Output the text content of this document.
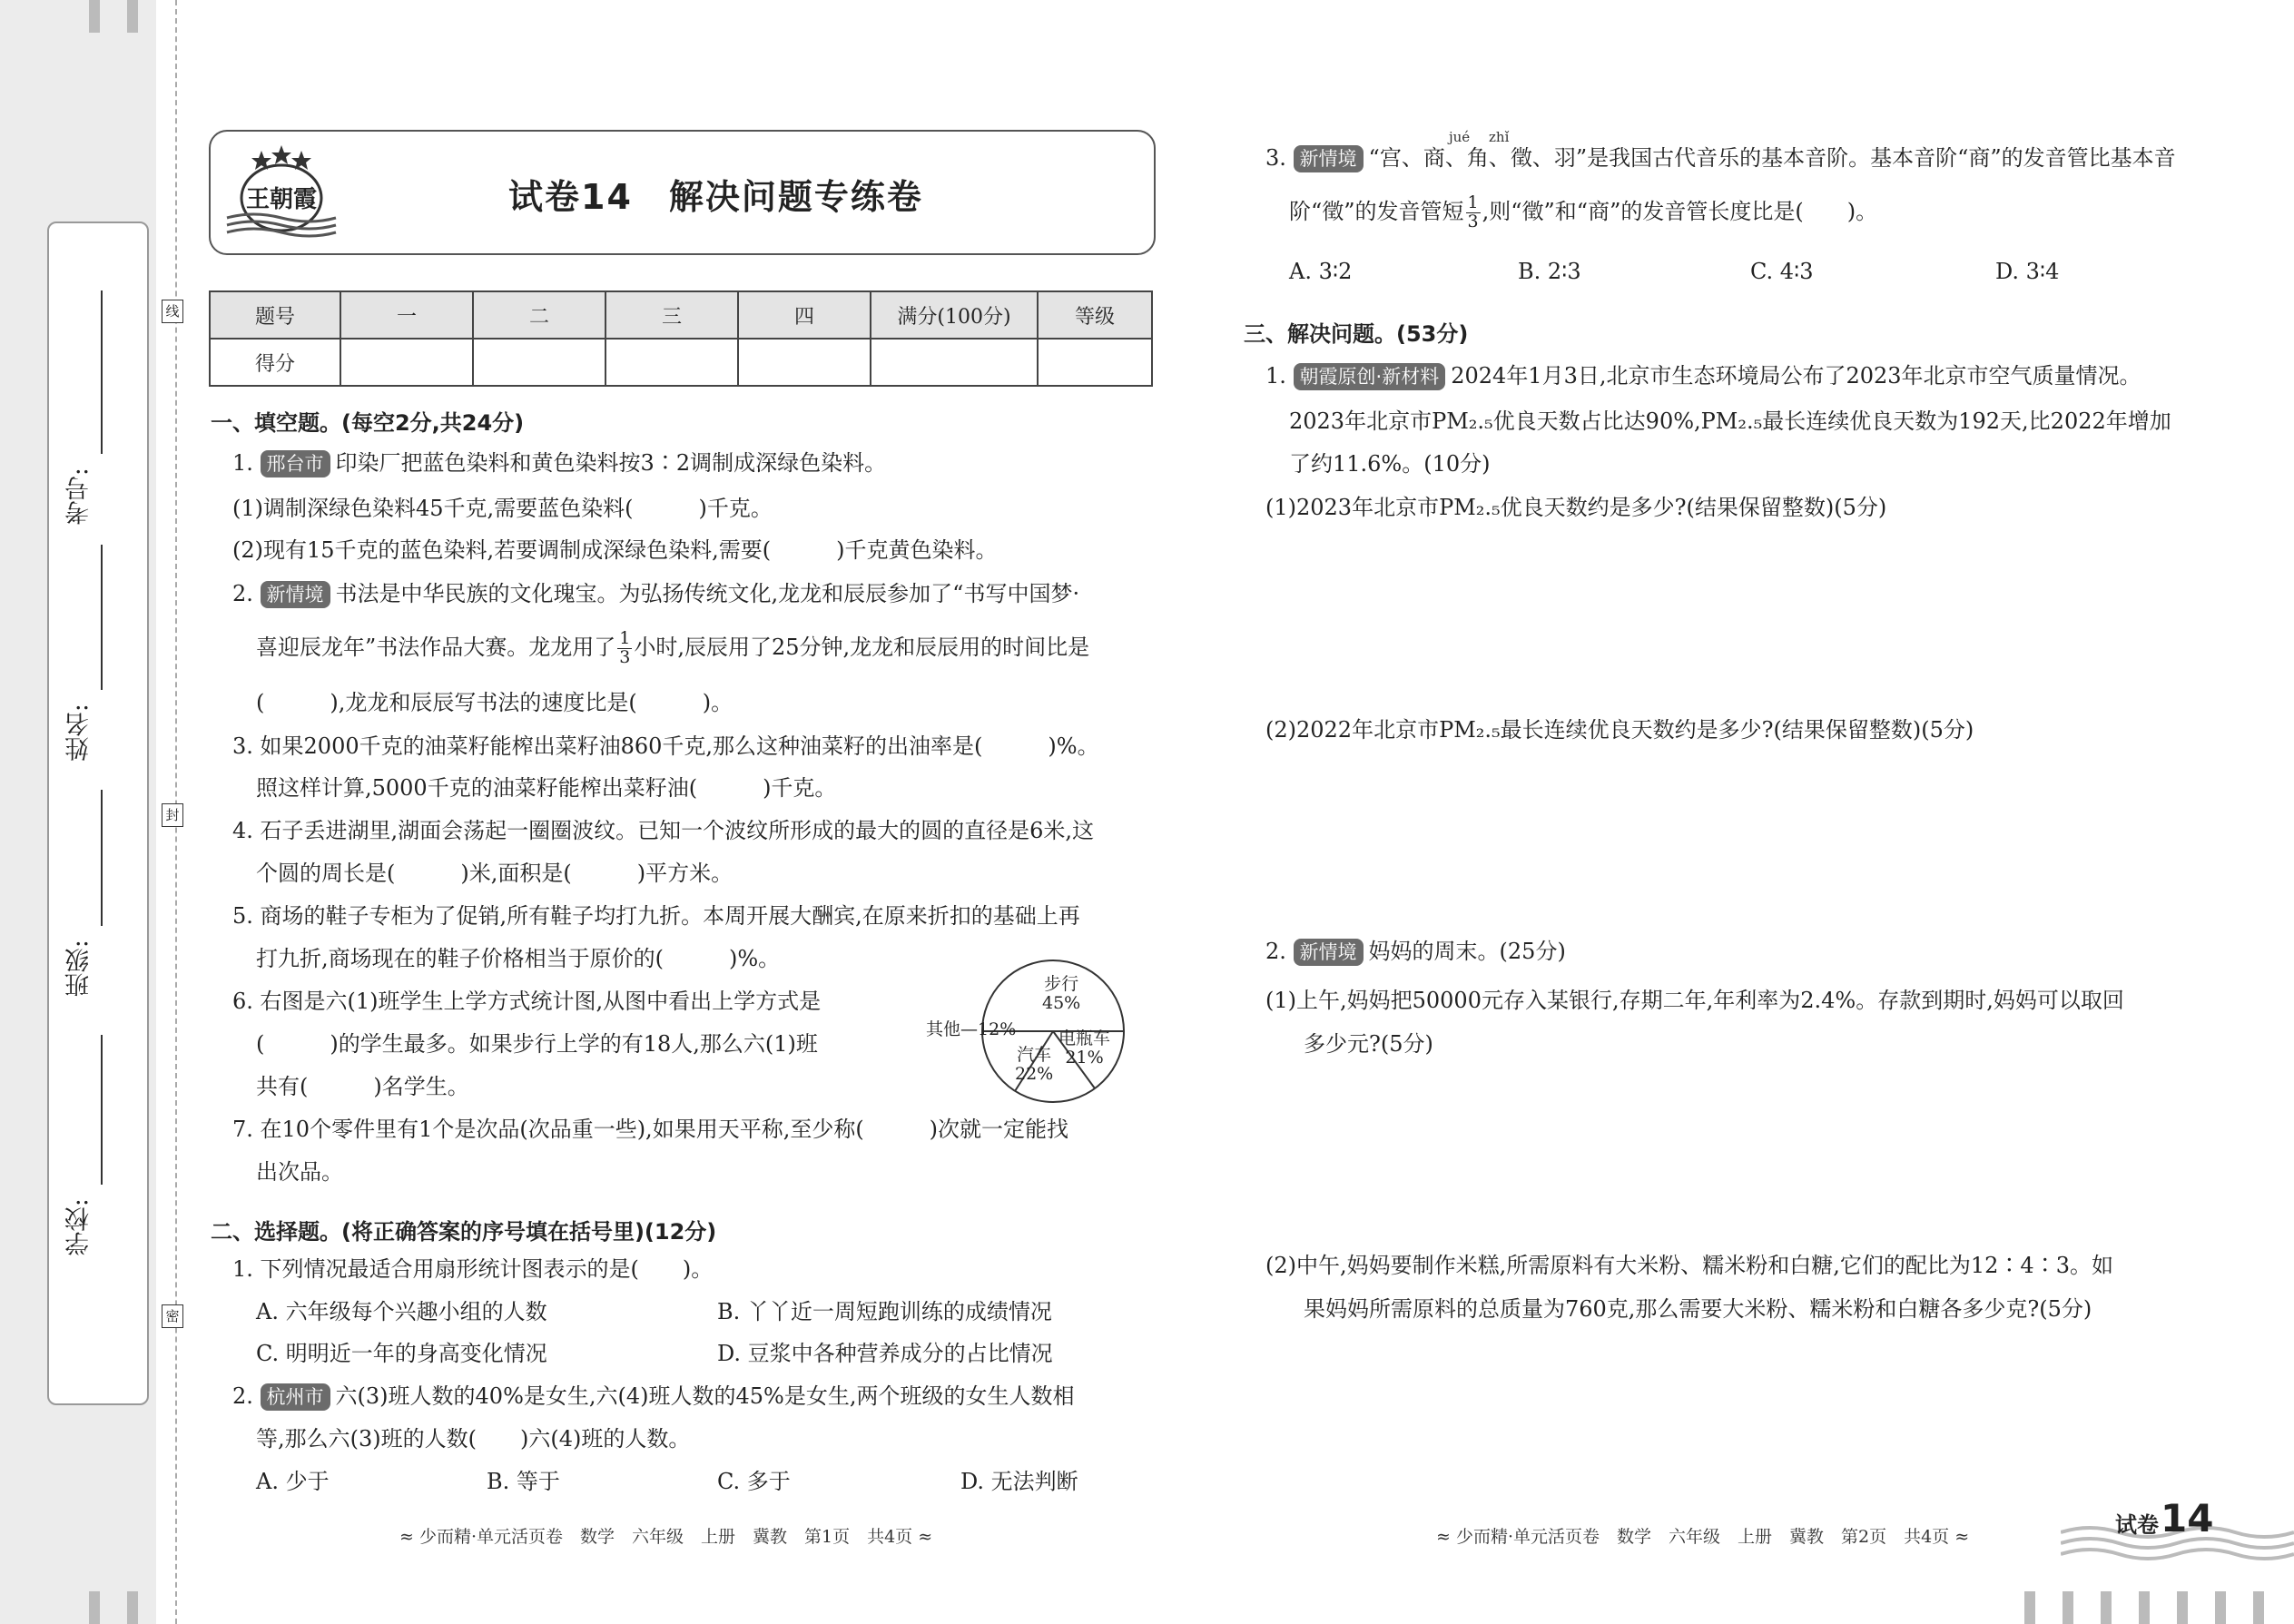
考号:
姓名:
班级:
学校:
线
封
密
王朝霞	试卷14　解决问题专练卷
题号	一	二	三	四	满分(100分)	等级
得分						
一、填空题。(每空2分,共24分)
1. 邢台市 印染厂把蓝色染料和黄色染料按3∶2调制成深绿色染料。
(1)调制深绿色染料45千克,需要蓝色染料(　　　)千克。
(2)现有15千克的蓝色染料,若要调制成深绿色染料,需要(　　　)千克黄色染料。
2. 新情境 书法是中华民族的文化瑰宝。为弘扬传统文化,龙龙和辰辰参加了“书写中国梦·
喜迎辰龙年”书法作品大赛。龙龙用了 $\frac{1}{3}$ 小时,辰辰用了25分钟,龙龙和辰辰用的时间比是
(　　　),龙龙和辰辰写书法的速度比是(　　　)。
3. 如果2000千克的油菜籽能榨出菜籽油860千克,那么这种油菜籽的出油率是(　　　)%。
照这样计算,5000千克的油菜籽能榨出菜籽油(　　　)千克。
4. 石子丢进湖里,湖面会荡起一圈圈波纹。已知一个波纹所形成的最大的圆的直径是6米,这
个圆的周长是(　　　)米,面积是(　　　)平方米。
5. 商场的鞋子专柜为了促销,所有鞋子均打九折。本周开展大酬宾,在原来折扣的基础上再
打九折,商场现在的鞋子价格相当于原价的(　　　)%。
6. 右图是六(1)班学生上学方式统计图,从图中看出上学方式是
(　　　)的学生最多。如果步行上学的有18人,那么六(1)班
共有(　　　)名学生。
步行
45%
电瓶车
21%
汽车
22%
其他—12%
7. 在10个零件里有1个是次品(次品重一些),如果用天平称,至少称(　　　)次就一定能找
出次品。
二、选择题。(将正确答案的序号填在括号里)(12分)
1. 下列情况最适合用扇形统计图表示的是(　　)。
A. 六年级每个兴趣小组的人数	B. 丫丫近一周短跑训练的成绩情况
C. 明明近一年的身高变化情况	D. 豆浆中各种营养成分的占比情况
2. 杭州市 六(3)班人数的40%是女生,六(4)班人数的45%是女生,两个班级的女生人数相
等,那么六(3)班的人数(　　)六(4)班的人数。
A. 少于	B. 等于	C. 多于	D. 无法判断
≈ 少而精·单元活页卷　数学　六年级　上册　冀教　第1页　共4页 ≈
jué zhǐ
3. 新情境 “宫、商、角、徵、羽”是我国古代音乐的基本音阶。基本音阶“商”的发音管比基本音
阶“徵”的发音管短 $\frac{1}{3}$ ,则“徵”和“商”的发音管长度比是(　　)。
A. 3∶2	B. 2∶3	C. 4∶3	D. 3∶4
三、解决问题。(53分)
1. 朝霞原创·新材料 2024年1月3日,北京市生态环境局公布了2023年北京市空气质量情况。
2023年北京市PM₂.₅优良天数占比达90%,PM₂.₅最长连续优良天数为192天,比2022年增加
了约11.6%。(10分)
(1)2023年北京市PM₂.₅优良天数约是多少?(结果保留整数)(5分)
(2)2022年北京市PM₂.₅最长连续优良天数约是多少?(结果保留整数)(5分)
2. 新情境 妈妈的周末。(25分)
(1)上午,妈妈把50000元存入某银行,存期二年,年利率为2.4%。存款到期时,妈妈可以取回
多少元?(5分)
(2)中午,妈妈要制作米糕,所需原料有大米粉、糯米粉和白糖,它们的配比为12∶4∶3。如
果妈妈所需原料的总质量为760克,那么需要大米粉、糯米粉和白糖各多少克?(5分)
≈ 少而精·单元活页卷　数学　六年级　上册　冀教　第2页　共4页 ≈	试卷 14
